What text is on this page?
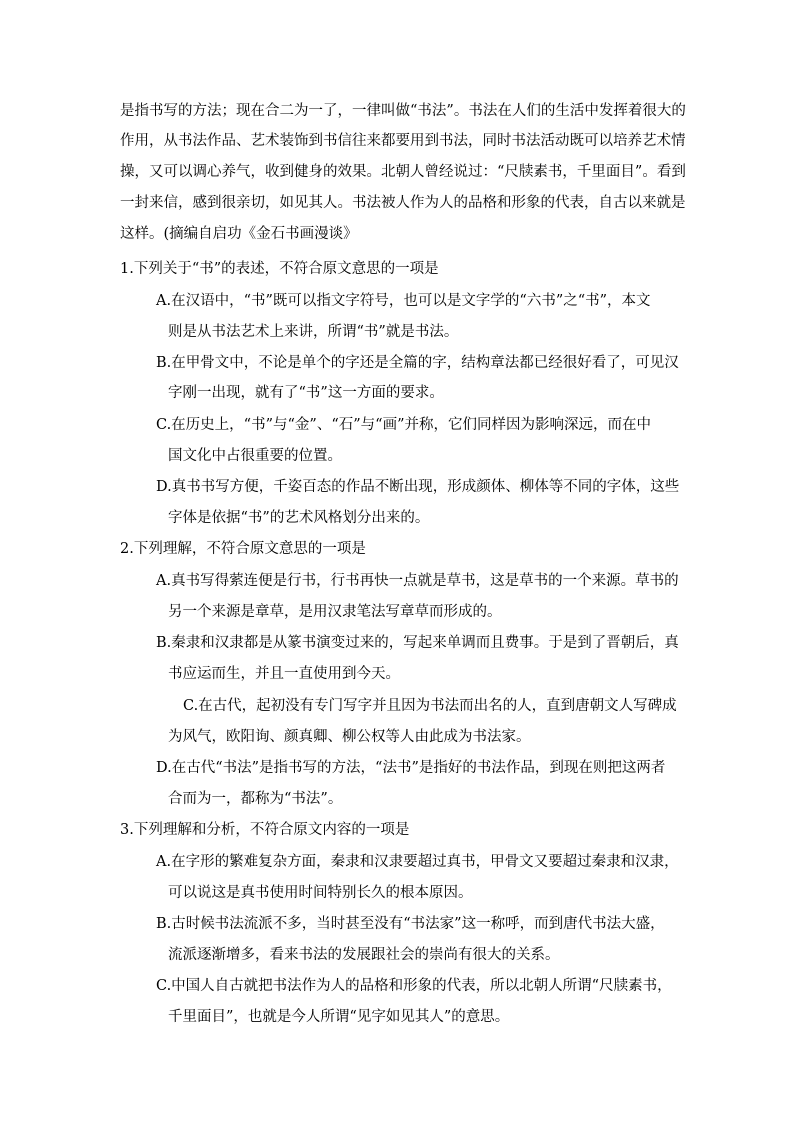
是指书写的方法；现在合二为一了，一律叫做“书法”。书法在人们的生活中发挥着很大的
作用，从书法作品、艺术装饰到书信往来都要用到书法，同时书法活动既可以培养艺术情
操，又可以调心养气，收到健身的效果。北朝人曾经说过：“尺牍素书，千里面目”。看到
一封来信，感到很亲切，如见其人。书法被人作为人的品格和形象的代表，自古以来就是
这样。(摘编自启功《金石书画漫谈》
1.下列关于“书”的表述，不符合原文意思的一项是
A.在汉语中，“书”既可以指文字符号，也可以是文字学的“六书”之“书”，本文
则是从书法艺术上来讲，所谓“书”就是书法。
B.在甲骨文中，不论是单个的字还是全篇的字，结构章法都已经很好看了，可见汉
字刚一出现，就有了“书”这一方面的要求。
C.在历史上，“书”与“金”、“石”与“画”并称，它们同样因为影响深远，而在中
国文化中占很重要的位置。
D.真书书写方便，千姿百态的作品不断出现，形成颜体、柳体等不同的字体，这些
字体是依据“书”的艺术风格划分出来的。
2.下列理解，不符合原文意思的一项是
A.真书写得萦连便是行书，行书再快一点就是草书，这是草书的一个来源。草书的
另一个来源是章草，是用汉隶笔法写章草而形成的。
B.秦隶和汉隶都是从篆书演变过来的，写起来单调而且费事。于是到了晋朝后，真
书应运而生，并且一直使用到今天。
C.在古代，起初没有专门写字并且因为书法而出名的人，直到唐朝文人写碑成
为风气，欧阳询、颜真卿、柳公权等人由此成为书法家。
D.在古代“书法”是指书写的方法，“法书”是指好的书法作品，到现在则把这两者
合而为一，都称为“书法”。
3.下列理解和分析，不符合原文内容的一项是
A.在字形的繁难复杂方面，秦隶和汉隶要超过真书，甲骨文又要超过秦隶和汉隶，
可以说这是真书使用时间特别长久的根本原因。
B.古时候书法流派不多，当时甚至没有“书法家”这一称呼，而到唐代书法大盛，
流派逐渐增多，看来书法的发展跟社会的崇尚有很大的关系。
C.中国人自古就把书法作为人的品格和形象的代表，所以北朝人所谓“尺牍素书，
千里面目”，也就是今人所谓“见字如见其人”的意思。
